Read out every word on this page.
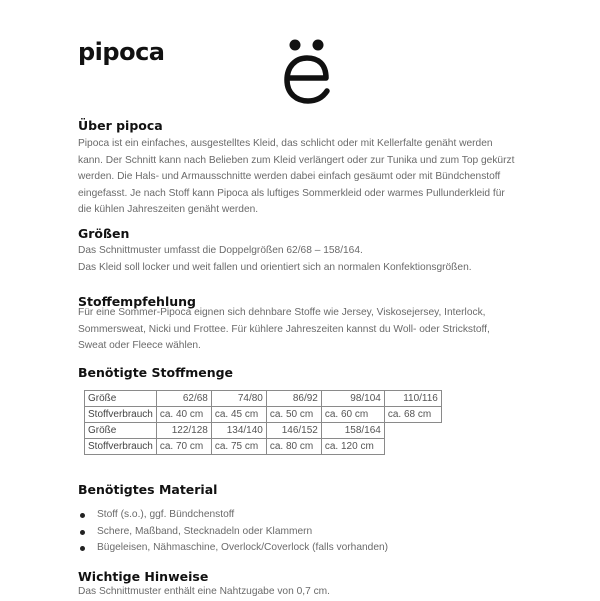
pipoca
Über pipoca

Pipoca ist ein einfaches, ausgestelltes Kleid, das schlicht oder mit Kellerfalte genäht werden

kann. Der Schnitt kann nach Belieben zum Kleid verlängert oder zur Tunika und zum Top gekürzt

werden. Die Hals- und Armausschnitte werden dabei einfach gesäumt oder mit Bündchenstoff

eingefasst. Je nach Stoff kann Pipoca als luftiges Sommerkleid oder warmes Pullunderkleid für

die kühlen Jahreszeiten genäht werden.

Größen

Das Schnittmuster umfasst die Doppelgrößen 62/68 – 158/164.

Das Kleid soll locker und weit fallen und orientiert sich an normalen Konfektionsgrößen.

Stoffempfehlung

Für eine Sommer-Pipoca eignen sich dehnbare Stoffe wie Jersey, Viskosejersey, Interlock,

Sommersweat, Nicki und Frottee. Für kühlere Jahreszeiten kannst du Woll- oder Strickstoff,

Sweat oder Fleece wählen.

Benötigte Stoffmenge
Größe	62/68	74/80	86/92	98/104	110/116
Stoffverbrauch	ca. 40 cm	ca. 45 cm	ca. 50 cm	ca. 60 cm	ca. 68 cm
Größe	122/128	134/140	146/152	158/164	
Stoffverbrauch	ca. 70 cm	ca. 75 cm	ca. 80 cm	ca. 120 cm	
Benötigtes Material
Stoff (s.o.), ggf. Bündchenstoff
Schere, Maßband, Stecknadeln oder Klammern
Bügeleisen, Nähmaschine, Overlock/Coverlock (falls vorhanden)
Wichtige Hinweise

Das Schnittmuster enthält eine Nahtzugabe von 0,7 cm.
